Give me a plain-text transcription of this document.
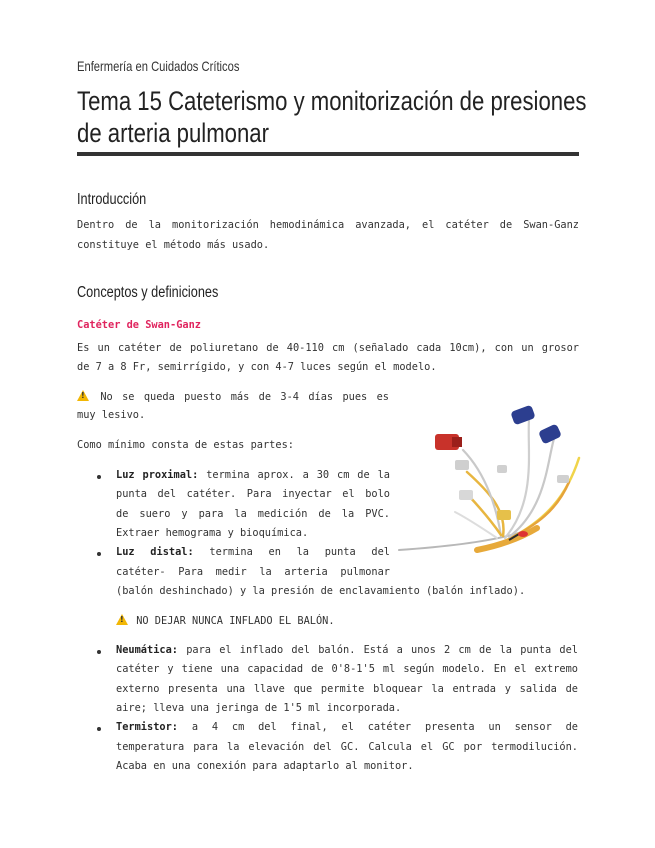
Enfermería en Cuidados Críticos
Tema 15 Cateterismo y monitorización de presiones
de arteria pulmonar
Introducción
Dentro de la monitorización hemodinámica avanzada, el catéter de Swan-Ganz
constituye el método más usado.
Conceptos y definiciones
Catéter de Swan-Ganz
Es un catéter de poliuretano de 40-110 cm (señalado cada 10cm), con un grosor
de 7 a 8 Fr, semirrígido, y con 4-7 luces según el modelo.
! No se queda puesto más de 3-4 días pues es
muy lesivo.
Como mínimo consta de estas partes:
Luz proximal: termina aprox. a 30 cm de la
punta del catéter. Para inyectar el bolo
de suero y para la medición de la PVC.
Extraer hemograma y bioquímica.
Luz distal: termina en la punta del
catéter- Para medir la arteria pulmonar
(balón deshinchado) y la presión de enclavamiento (balón inflado).
! NO DEJAR NUNCA INFLADO EL BALÓN.
Neumática: para el inflado del balón. Está a unos 2 cm de la punta del
catéter y tiene una capacidad de 0'8-1'5 ml según modelo. En el extremo
externo presenta una llave que permite bloquear la entrada y salida de
aire; lleva una jeringa de 1'5 ml incorporada.
Termistor: a 4 cm del final, el catéter presenta un sensor de
temperatura para la elevación del GC. Calcula el GC por termodilución.
Acaba en una conexión para adaptarlo al monitor.
